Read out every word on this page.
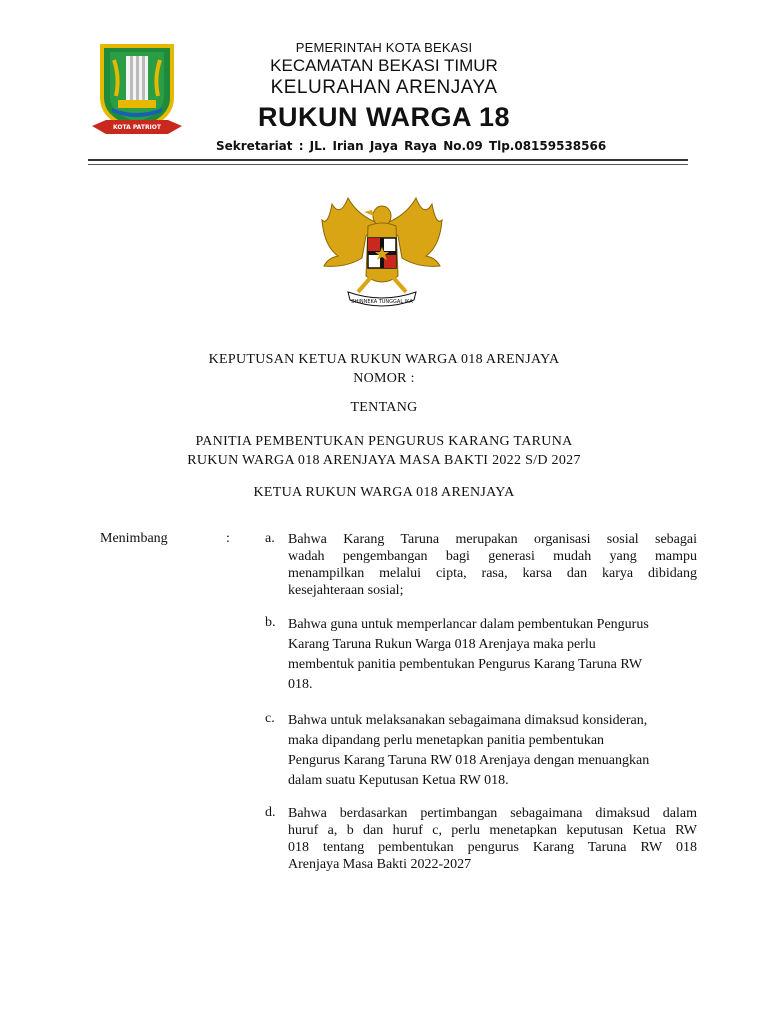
KOTA PATRIOT
PEMERINTAH KOTA BEKASI
KECAMATAN BEKASI TIMUR
KELURAHAN ARENJAYA
RUKUN WARGA 18
Sekretariat : JL. Irian Jaya Raya No.09 Tlp.08159538566
BHINNEKA TUNGGAL IKA
KEPUTUSAN KETUA RUKUN WARGA 018 ARENJAYA
NOMOR :
TENTANG
PANITIA PEMBENTUKAN PENGURUS KARANG TARUNA
RUKUN WARGA 018 ARENJAYA MASA BAKTI 2022 S/D 2027
KETUA RUKUN WARGA 018 ARENJAYA
Menimbang	:	a. Bahwa Karang Taruna merupakan organisasi sosial sebagai
wadah pengembangan bagi generasi mudah yang mampu
menampilkan melalui cipta, rasa, karsa dan karya dibidang
kesejahteraan sosial;
b. Bahwa guna untuk memperlancar dalam pembentukan Pengurus
Karang Taruna Rukun Warga 018 Arenjaya maka perlu
membentuk panitia pembentukan Pengurus Karang Taruna RW
018.
c. Bahwa untuk melaksanakan sebagaimana dimaksud konsideran,
maka dipandang perlu menetapkan panitia pembentukan
Pengurus Karang Taruna RW 018 Arenjaya dengan menuangkan
dalam suatu Keputusan Ketua RW 018.
d. Bahwa berdasarkan pertimbangan sebagaimana dimaksud dalam
huruf a, b dan huruf c, perlu menetapkan keputusan Ketua RW
018 tentang pembentukan pengurus Karang Taruna RW 018
Arenjaya Masa Bakti 2022-2027
